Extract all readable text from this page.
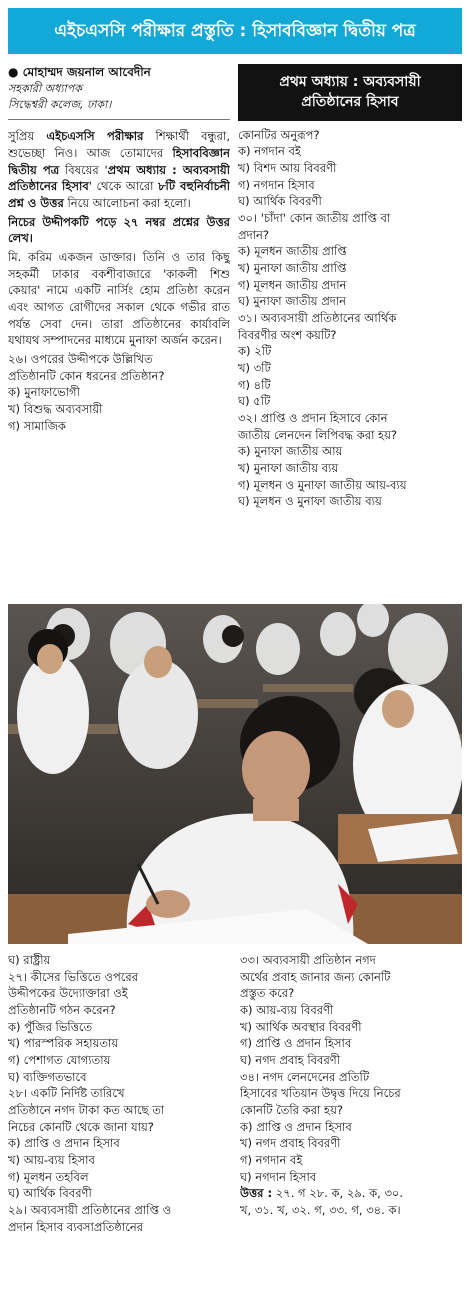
এইচএসসি পরীক্ষার প্রস্তুতি : হিসাববিজ্ঞান দ্বিতীয় পত্র
● মোহাম্মদ জয়নাল আবেদীন
সহকারী অধ্যাপক
সিদ্ধেশ্বরী কলেজ, ঢাকা।
সুপ্রিয় এইচএসসি পরীক্ষার শিক্ষার্থী বন্ধুরা, শুভেচ্ছা নিও। আজ তোমাদের হিসাববিজ্ঞান দ্বিতীয় পত্র বিষয়ের 'প্রথম অধ্যায় : অব্যবসায়ী প্রতিষ্ঠানের হিসাব' থেকে আরো ৮টি বহুনির্বাচনী প্রশ্ন ও উত্তর নিয়ে আলোচনা করা হলো।
নিচের উদ্দীপকটি পড়ে ২৭ নম্বর প্রশ্নের উত্তর লেখ।
মি. করিম একজন ডাক্তার। তিনি ও তার কিছু সহকর্মী ঢাকার বকশীবাজারে 'কাকলী শিশু কেয়ার' নামে একটি নার্সিং হোম প্রতিষ্ঠা করেন এবং আগত রোগীদের সকাল থেকে গভীর রাত পর্যন্ত সেবা দেন। তারা প্রতিষ্ঠানের কার্যাবলি যথাযথ সম্পাদনের মাধ্যমে মুনাফা অর্জন করেন।
২৬। ওপরের উদ্দীপকে উল্লিখিত
প্রতিষ্ঠানটি কোন ধরনের প্রতিষ্ঠান?
ক) মুনাফাভোগী
খ) বিশুদ্ধ অব্যবসায়ী
গ) সামাজিক
প্রথম অধ্যায় : অব্যবসায়ী
প্রতিষ্ঠানের হিসাব
কোনটির অনুরূপ?
ক) নগদান বই
খ) বিশদ আয় বিবরণী
গ) নগদান হিসাব
ঘ) আর্থিক বিবরণী
৩০। 'চাঁদা' কোন জাতীয় প্রাপ্তি বা
প্রদান?
ক) মূলধন জাতীয় প্রাপ্তি
খ) মুনাফা জাতীয় প্রাপ্তি
গ) মূলধন জাতীয় প্রদান
ঘ) মুনাফা জাতীয় প্রদান
৩১। অব্যবসায়ী প্রতিষ্ঠানের আর্থিক
বিবরণীর অংশ কয়টি?
ক) ২টি
খ) ৩টি
গ) ৪টি
ঘ) ৫টি
৩২। প্রাপ্তি ও প্রদান হিসাবে কোন
জাতীয় লেনদেন লিপিবদ্ধ করা হয়?
ক) মুনাফা জাতীয় আয়
খ) মুনাফা জাতীয় ব্যয়
গ) মূলধন ও মুনাফা জাতীয় আয়-ব্যয়
ঘ) মূলধন ও মুনাফা জাতীয় ব্যয়
ঘ) রাষ্ট্রীয়
২৭। কীসের ভিত্তিতে ওপরের
উদ্দীপকের উদ্যোক্তারা ওই
প্রতিষ্ঠানটি গঠন করেন?
ক) পুঁজির ভিত্তিতে
খ) পারস্পরিক সহায়তায়
গ) পেশাগত যোগ্যতায়
ঘ) ব্যক্তিগতভাবে
২৮। একটি নির্দিষ্ট তারিখে
প্রতিষ্ঠানে নগদ টাকা কত আছে তা
নিচের কোনটি থেকে জানা যায়?
ক) প্রাপ্তি ও প্রদান হিসাব
খ) আয়-ব্যয় হিসাব
গ) মূলধন তহবিল
ঘ) আর্থিক বিবরণী
২৯। অব্যবসায়ী প্রতিষ্ঠানের প্রাপ্তি ও
প্রদান হিসাব ব্যবসাপ্রতিষ্ঠানের
৩৩। অব্যবসায়ী প্রতিষ্ঠান নগদ
অর্থের প্রবাহ জানার জন্য কোনটি
প্রস্তুত করে?
ক) আয়-ব্যয় বিবরণী
খ) আর্থিক অবস্থার বিবরণী
গ) প্রাপ্তি ও প্রদান হিসাব
ঘ) নগদ প্রবাহ বিবরণী
৩৪। নগদ লেনদেনের প্রতিটি
হিসাবের খতিয়ান উদ্বৃত্ত দিয়ে নিচের
কোনটি তৈরি করা হয়?
ক) প্রাপ্তি ও প্রদান হিসাব
খ) নগদ প্রবাহ বিবরণী
গ) নগদান বই
ঘ) নগদান হিসাব
উত্তর : ২৭. গ ২৮. ক, ২৯. ক, ৩০.
খ, ৩১. খ, ৩২. গ, ৩৩. গ, ৩৪. ক।
